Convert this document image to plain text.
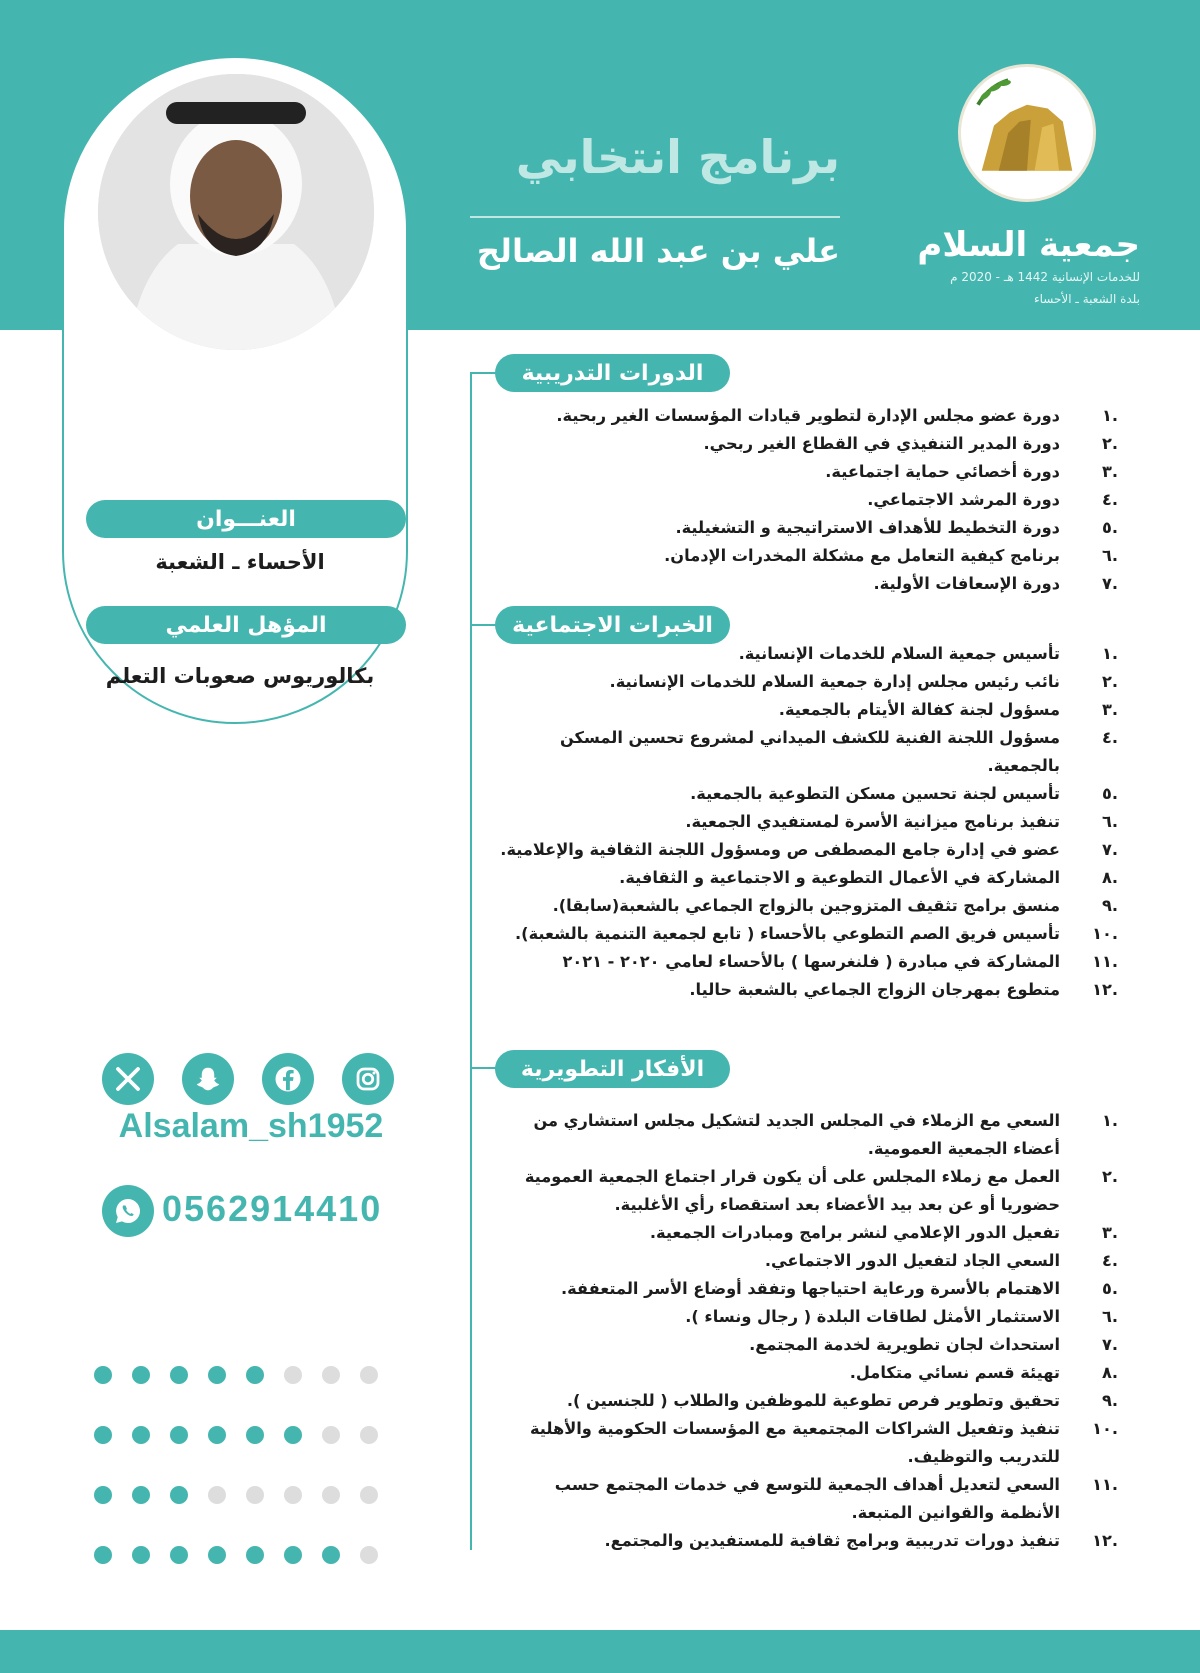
جمعية السلام
للخدمات الإنسانية 1442 هـ - 2020 م
بلدة الشعبة ـ الأحساء
برنامج انتخابي
علي بن عبد الله الصالح
العنـــوان
الأحساء ـ الشعبة
المؤهل العلمي
بكالوريوس صعوبات التعلم
Alsalam_sh1952
0562914410
الدورات التدريبية
.١
دورة عضو مجلس الإدارة لتطوير قيادات المؤسسات الغير ربحية.
.٢
دورة المدير التنفيذي في القطاع الغير ربحي.
.٣
دورة أخصائي حماية اجتماعية.
.٤
دورة المرشد الاجتماعي.
.٥
دورة التخطيط للأهداف الاستراتيجية و التشغيلية.
.٦
برنامج كيفية التعامل مع مشكلة المخدرات الإدمان.
.٧
دورة الإسعافات الأولية.
الخبرات الاجتماعية
.١
تأسيس جمعية السلام للخدمات الإنسانية.
.٢
نائب رئيس مجلس إدارة جمعية السلام للخدمات الإنسانية.
.٣
مسؤول لجنة كفالة الأيتام بالجمعية.
.٤
مسؤول اللجنة الفنية للكشف الميداني لمشروع تحسين المسكن بالجمعية.
.٥
تأسيس لجنة تحسين مسكن التطوعية بالجمعية.
.٦
تنفيذ برنامج ميزانية الأسرة لمستفيدي الجمعية.
.٧
عضو في إدارة جامع المصطفى ص ومسؤول اللجنة الثقافية والإعلامية.
.٨
المشاركة في الأعمال التطوعية و الاجتماعية و الثقافية.
.٩
منسق برامج تثقيف المتزوجين بالزواج الجماعي بالشعبة(سابقا).
.١٠
تأسيس فريق الصم التطوعي بالأحساء ( تابع لجمعية التنمية بالشعبة).
.١١
المشاركة في مبادرة ( فلنغرسها ) بالأحساء لعامي ٢٠٢٠ - ٢٠٢١
.١٢
متطوع بمهرجان الزواج الجماعي بالشعبة حاليا.
الأفكار التطويرية
.١
السعي مع الزملاء في المجلس الجديد لتشكيل مجلس استشاري من أعضاء الجمعية العمومية.
.٢
العمل مع زملاء المجلس على أن يكون قرار اجتماع الجمعية العمومية حضوريا أو عن بعد بيد الأعضاء بعد استقصاء رأي الأغلبية.
.٣
تفعيل الدور الإعلامي لنشر برامج ومبادرات الجمعية.
.٤
السعي الجاد لتفعيل الدور الاجتماعي.
.٥
الاهتمام بالأسرة ورعاية احتياجها وتفقد أوضاع الأسر المتعففة.
.٦
الاستثمار الأمثل لطاقات البلدة ( رجال ونساء ).
.٧
استحداث لجان تطويرية لخدمة المجتمع.
.٨
تهيئة قسم نسائي متكامل.
.٩
تحقيق وتطوير فرص تطوعية للموظفين والطلاب ( للجنسين ).
.١٠
تنفيذ وتفعيل الشراكات المجتمعية مع المؤسسات الحكومية والأهلية للتدريب والتوظيف.
.١١
السعي لتعديل أهداف الجمعية للتوسع في خدمات المجتمع حسب الأنظمة والقوانين المتبعة.
.١٢
تنفيذ دورات تدريبية وبرامج ثقافية للمستفيدين والمجتمع.
